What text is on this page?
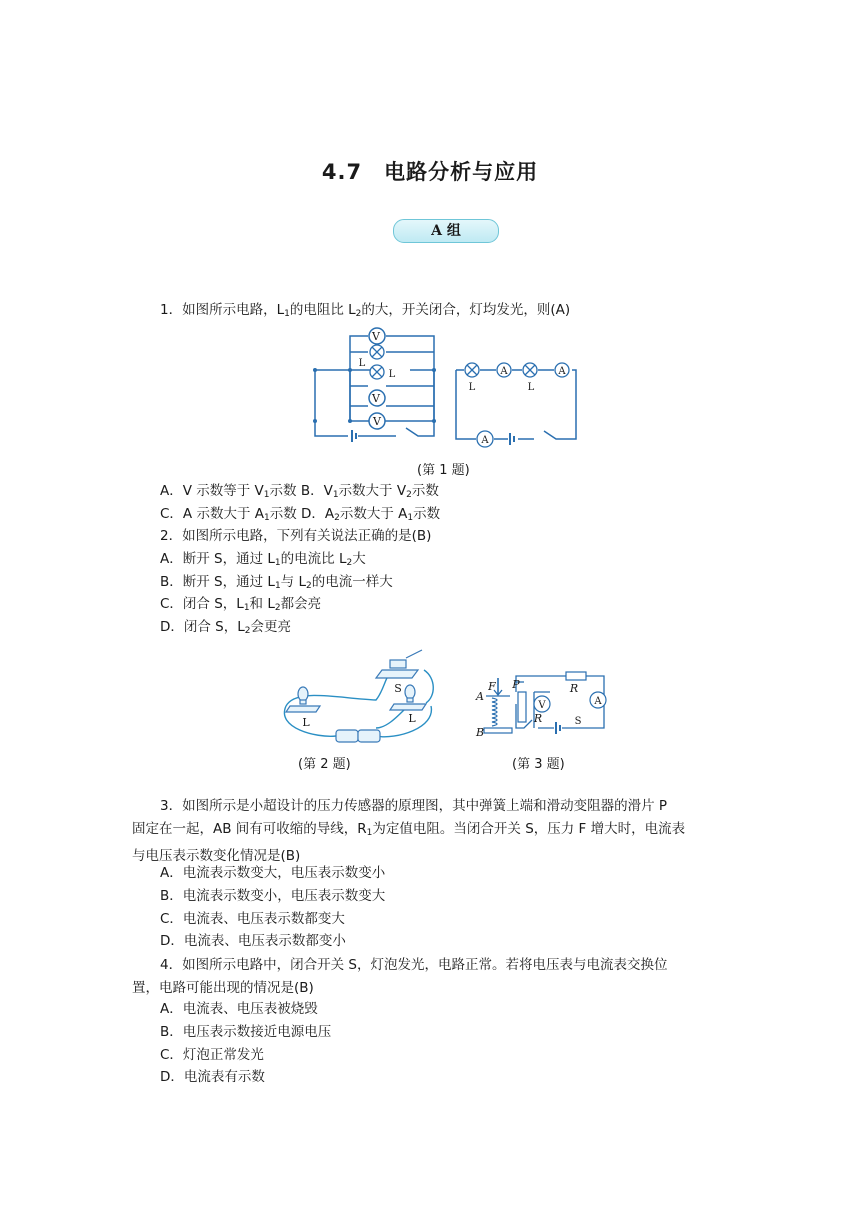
4.7　电路分析与应用
A 组
1．如图所示电路，$L_1$的电阻比 $L_2$的大，开关闭合，灯均发光，则(A)
V
V
V
L
L	A	A
A
L	L
(第 1 题)
A．V 示数等于 $V_1$示数 B．$V_1$示数大于 $V_2$示数
C．A 示数大于 $A_1$示数 D．$A_2$示数大于 $A_1$示数
2．如图所示电路，下列有关说法正确的是(B)
A．断开 S，通过 $L_1$的电流比 $L_2$大
B．断开 S，通过 $L_1$与 $L_2$的电流一样大
C．闭合 S，$L_1$和 $L_2$都会亮
D．闭合 S，$L_2$会更亮
L	L
S	F P
A
B
R
R
V	A
S
(第 2 题)	(第 3 题)
3．如图所示是小超设计的压力传感器的原理图，其中弹簧上端和滑动变阻器的滑片 P
固定在一起，AB 间有可收缩的导线，$R_1$为定值电阻。当闭合开关 S，压力 F 增大时，电流表
与电压表示数变化情况是(B)
A．电流表示数变大，电压表示数变小
B．电流表示数变小，电压表示数变大
C．电流表、电压表示数都变大
D．电流表、电压表示数都变小
4．如图所示电路中，闭合开关 S，灯泡发光，电路正常。若将电压表与电流表交换位
置，电路可能出现的情况是(B)
A．电流表、电压表被烧毁
B．电压表示数接近电源电压
C．灯泡正常发光
D．电流表有示数
